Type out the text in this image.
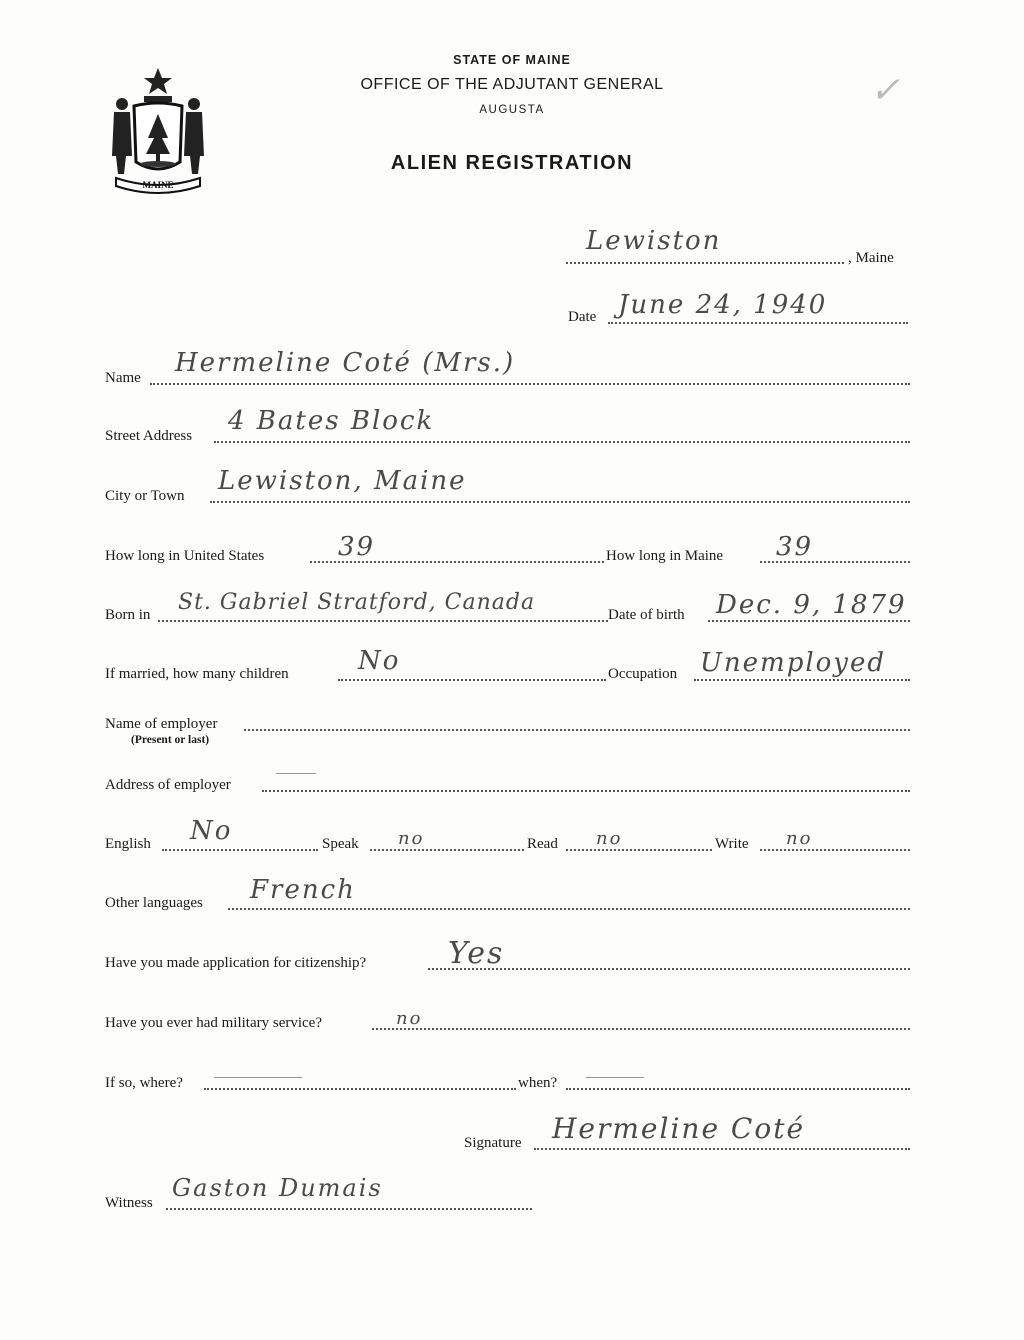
STATE OF MAINE
OFFICE OF THE ADJUTANT GENERAL
AUGUSTA
ALIEN REGISTRATION
MAINE
✓
Lewiston
, Maine
Date June 24, 1940
Name Hermeline Coté (Mrs.)
Street Address 4 Bates Block
City or Town Lewiston, Maine
How long in United States	39	How long in Maine 39
Born in St. Gabriel Stratford, Canada	Date of birth Dec. 9, 1879
If married, how many children	No	Occupation Unemployed
Name of employer
(Present or last)
Address of employer
English No	Speak no	Read no	Write no
Other languages French
Have you made application for citizenship?	Yes
Have you ever had military service?	no
If so, where?	when?
Signature Hermeline Coté
Witness
Gaston Dumais
